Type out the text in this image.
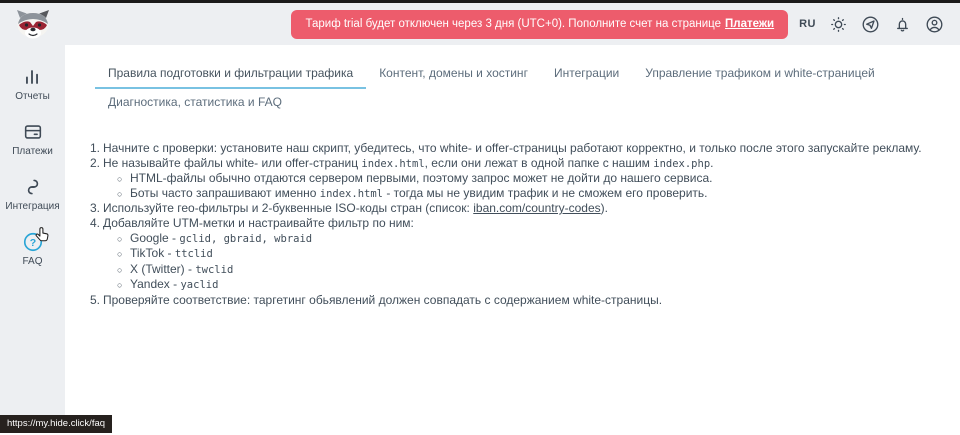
Тариф trial будет отключен через 3 дня (UTC+0). Пополните счет на странице Платежи RU
Отчеты
Платежи
Интеграция
?
FAQ
Правила подготовки и фильтрации трафика	Контент, домены и хостинг	Интеграции	Управление трафиком и white-страницей
Диагностика, статистика и FAQ
1. Начните с проверки: установите наш скрипт, убедитесь, что white- и offer-страницы работают корректно, и только после этого запускайте рекламу.
2. Не называйте файлы white- или offer-страниц index.html, если они лежат в одной папке с нашим index.php.
○ HTML-файлы обычно отдаются сервером первыми, поэтому запрос может не дойти до нашего сервиса.
○ Боты часто запрашивают именно index.html - тогда мы не увидим трафик и не сможем его проверить.
3. Используйте гео-фильтры и 2-буквенные ISO-коды стран (список: iban.com/country-codes).
4. Добавляйте UTM-метки и настраивайте фильтр по ним:
○ Google - gclid, gbraid, wbraid
○ TikTok - ttclid
○ X (Twitter) - twclid
○ Yandex - yaclid
5. Проверяйте соответствие: таргетинг обьявлений должен совпадать с содержанием white-страницы.
https://my.hide.click/faq
